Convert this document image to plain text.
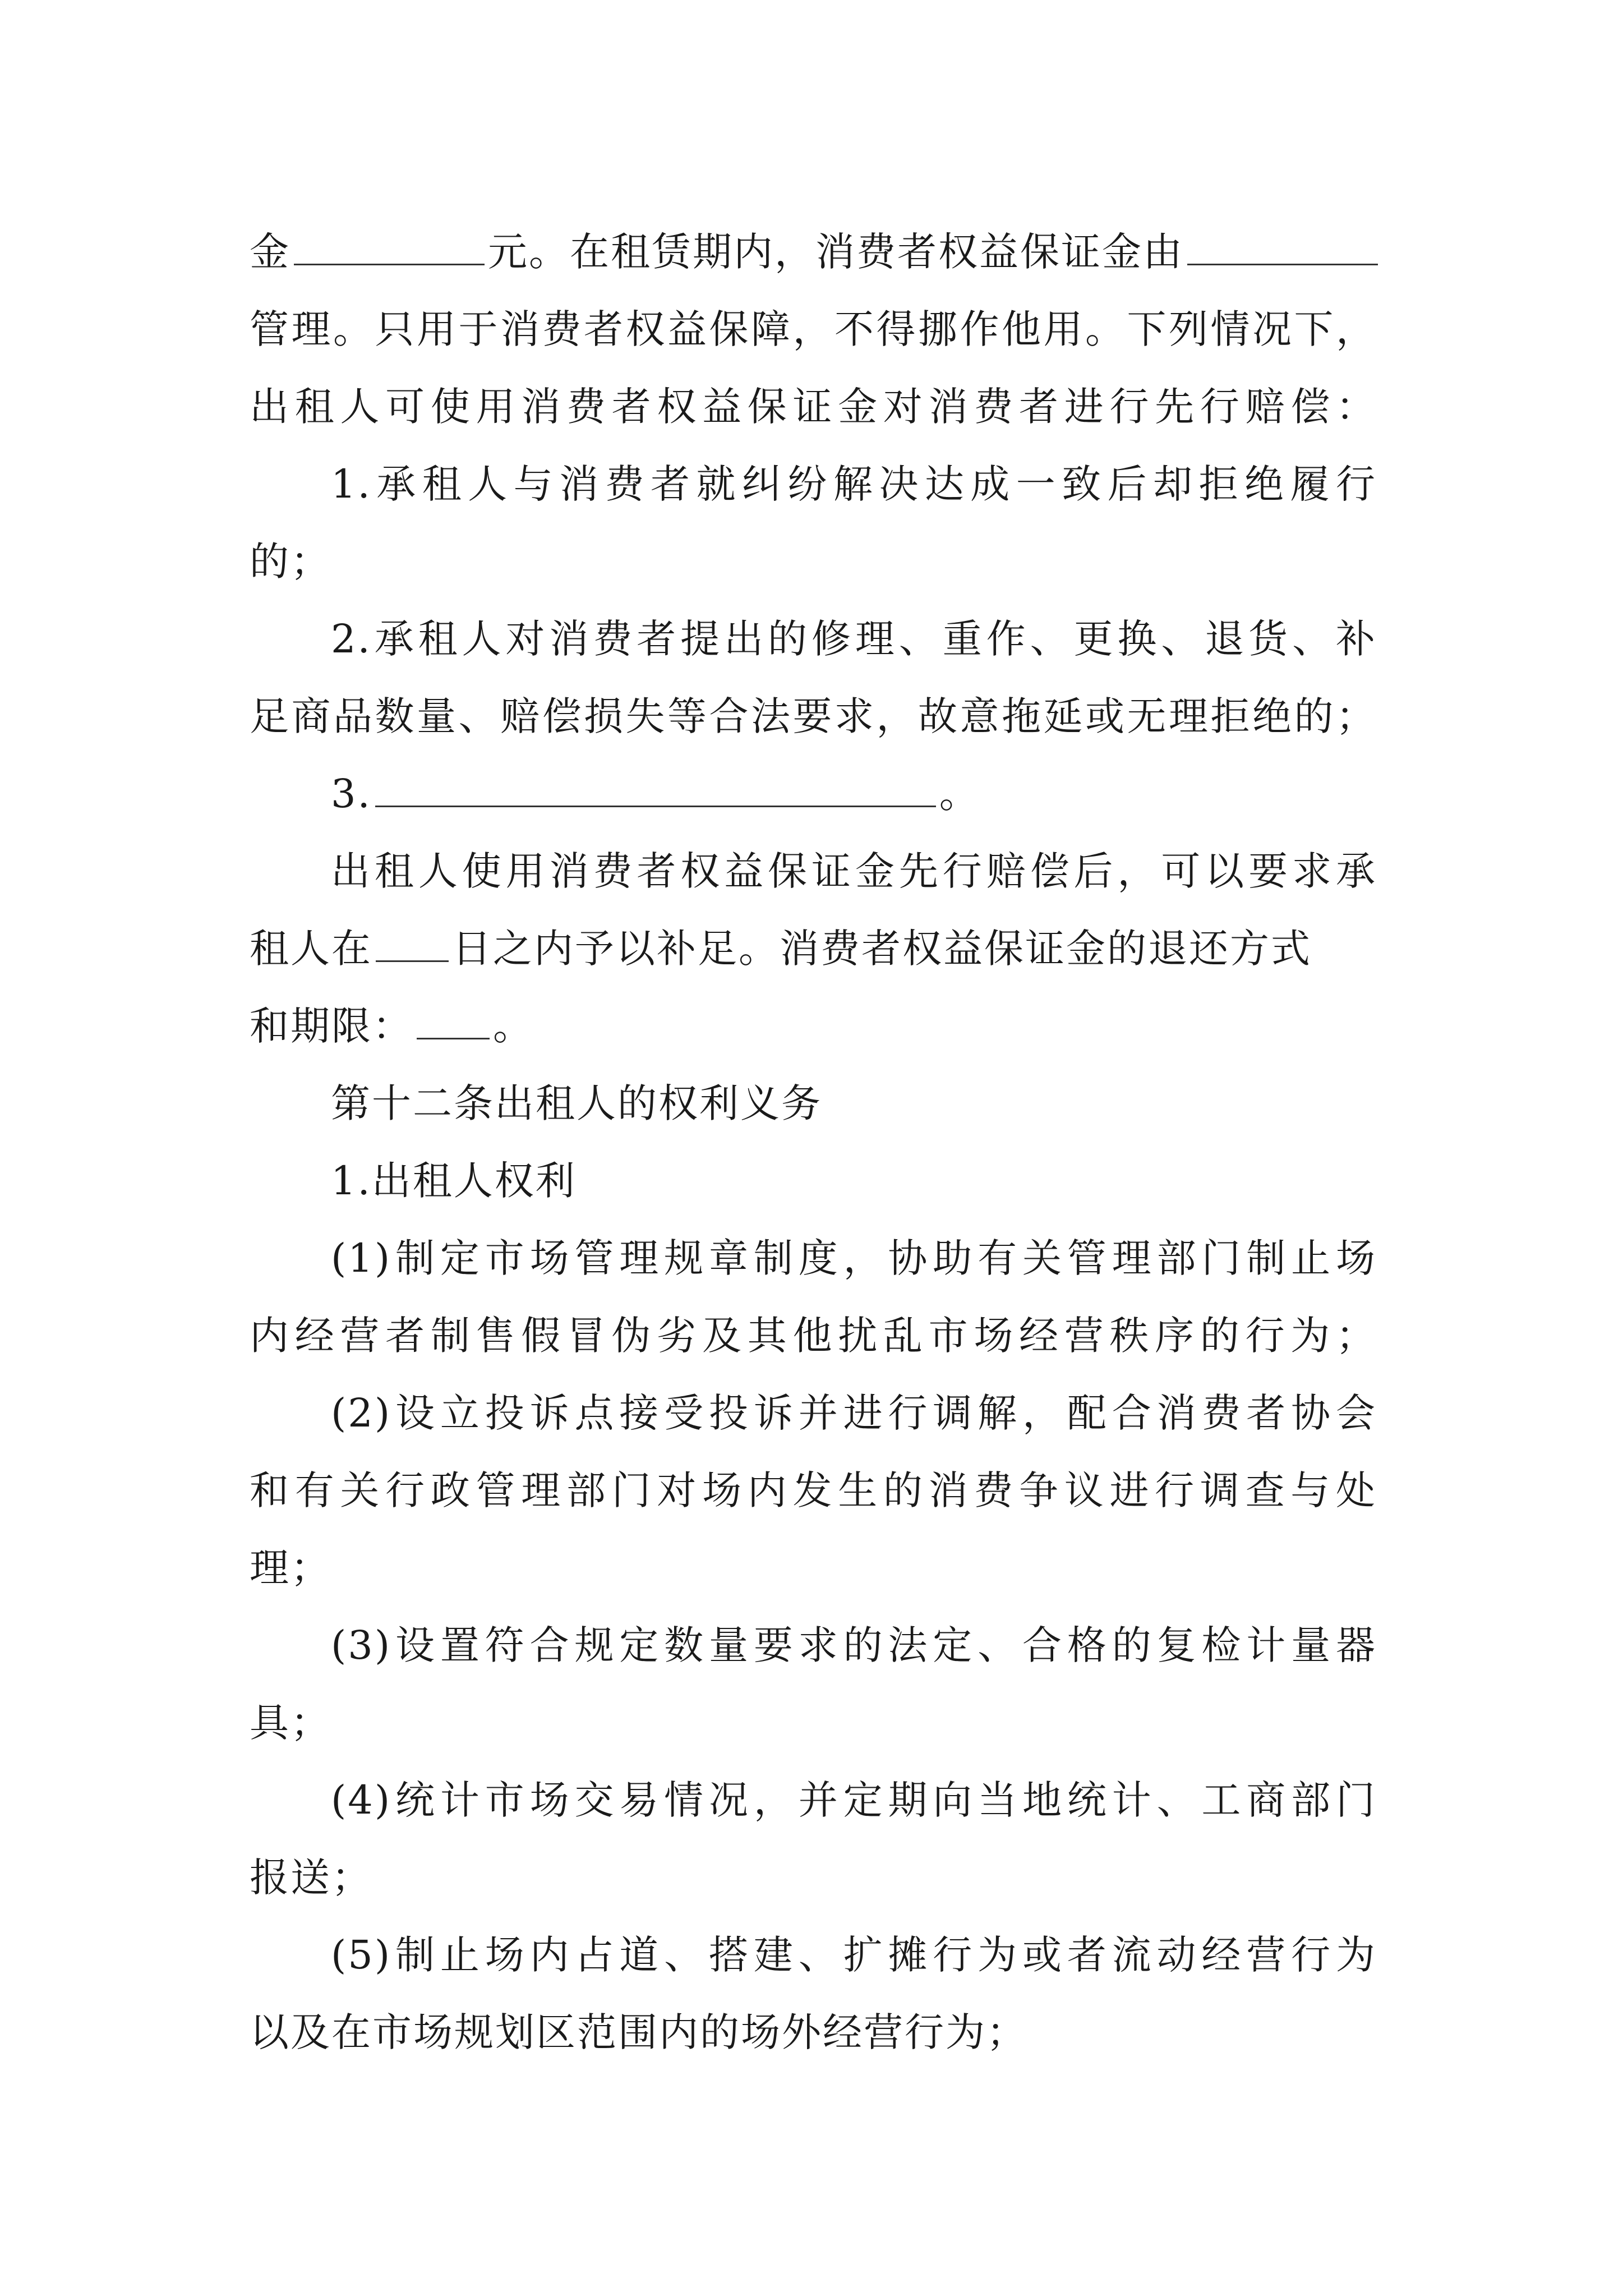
金	元。在租赁期内，消费者权益保证金由
管理。只用于消费者权益保障，不得挪作他用。下列情况下，
出租人可使用消费者权益保证金对消费者进行先行赔偿：
1.承租人与消费者就纠纷解决达成一致后却拒绝履行
的；
2.承租人对消费者提出的修理、重作、更换、退货、补
足商品数量、赔偿损失等合法要求，故意拖延或无理拒绝的；
3.	。
出租人使用消费者权益保证金先行赔偿后，可以要求承
租人在 日之内予以补足。消费者权益保证金的退还方式
和期限： 。
第十二条出租人的权利义务
1.出租人权利
(1)制定市场管理规章制度，协助有关管理部门制止场
内经营者制售假冒伪劣及其他扰乱市场经营秩序的行为；
(2)设立投诉点接受投诉并进行调解，配合消费者协会
和有关行政管理部门对场内发生的消费争议进行调查与处
理；
(3)设置符合规定数量要求的法定、合格的复检计量器
具；
(4)统计市场交易情况，并定期向当地统计、工商部门
报送；
(5)制止场内占道、搭建、扩摊行为或者流动经营行为
以及在市场规划区范围内的场外经营行为；
